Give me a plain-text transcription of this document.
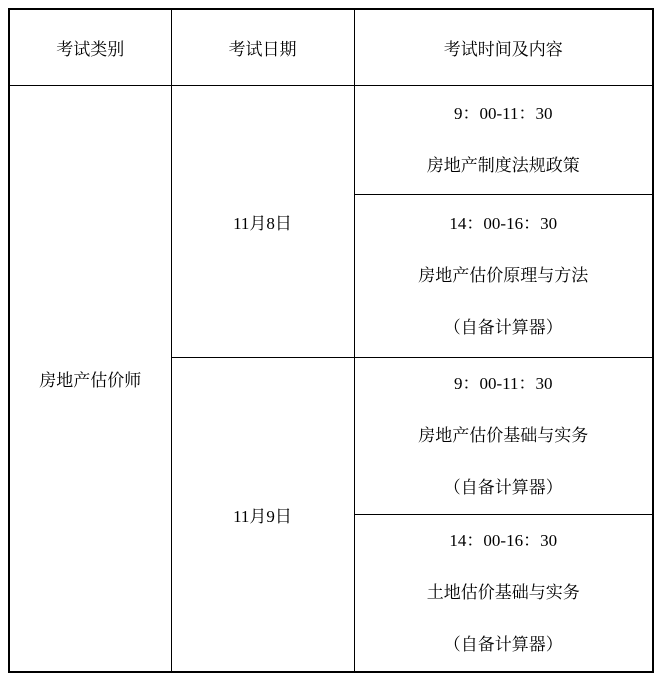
考试类别	考试日期	考试时间及内容
房地产估价师	11月8日	9：00-11：30
房地产制度法规政策

		14：00-16：30
房地产估价原理与方法
（自备计算器）

	11月9日	9：00-11：30
房地产估价基础与实务
（自备计算器）

		14：00-16：30
土地估价基础与实务
（自备计算器）
